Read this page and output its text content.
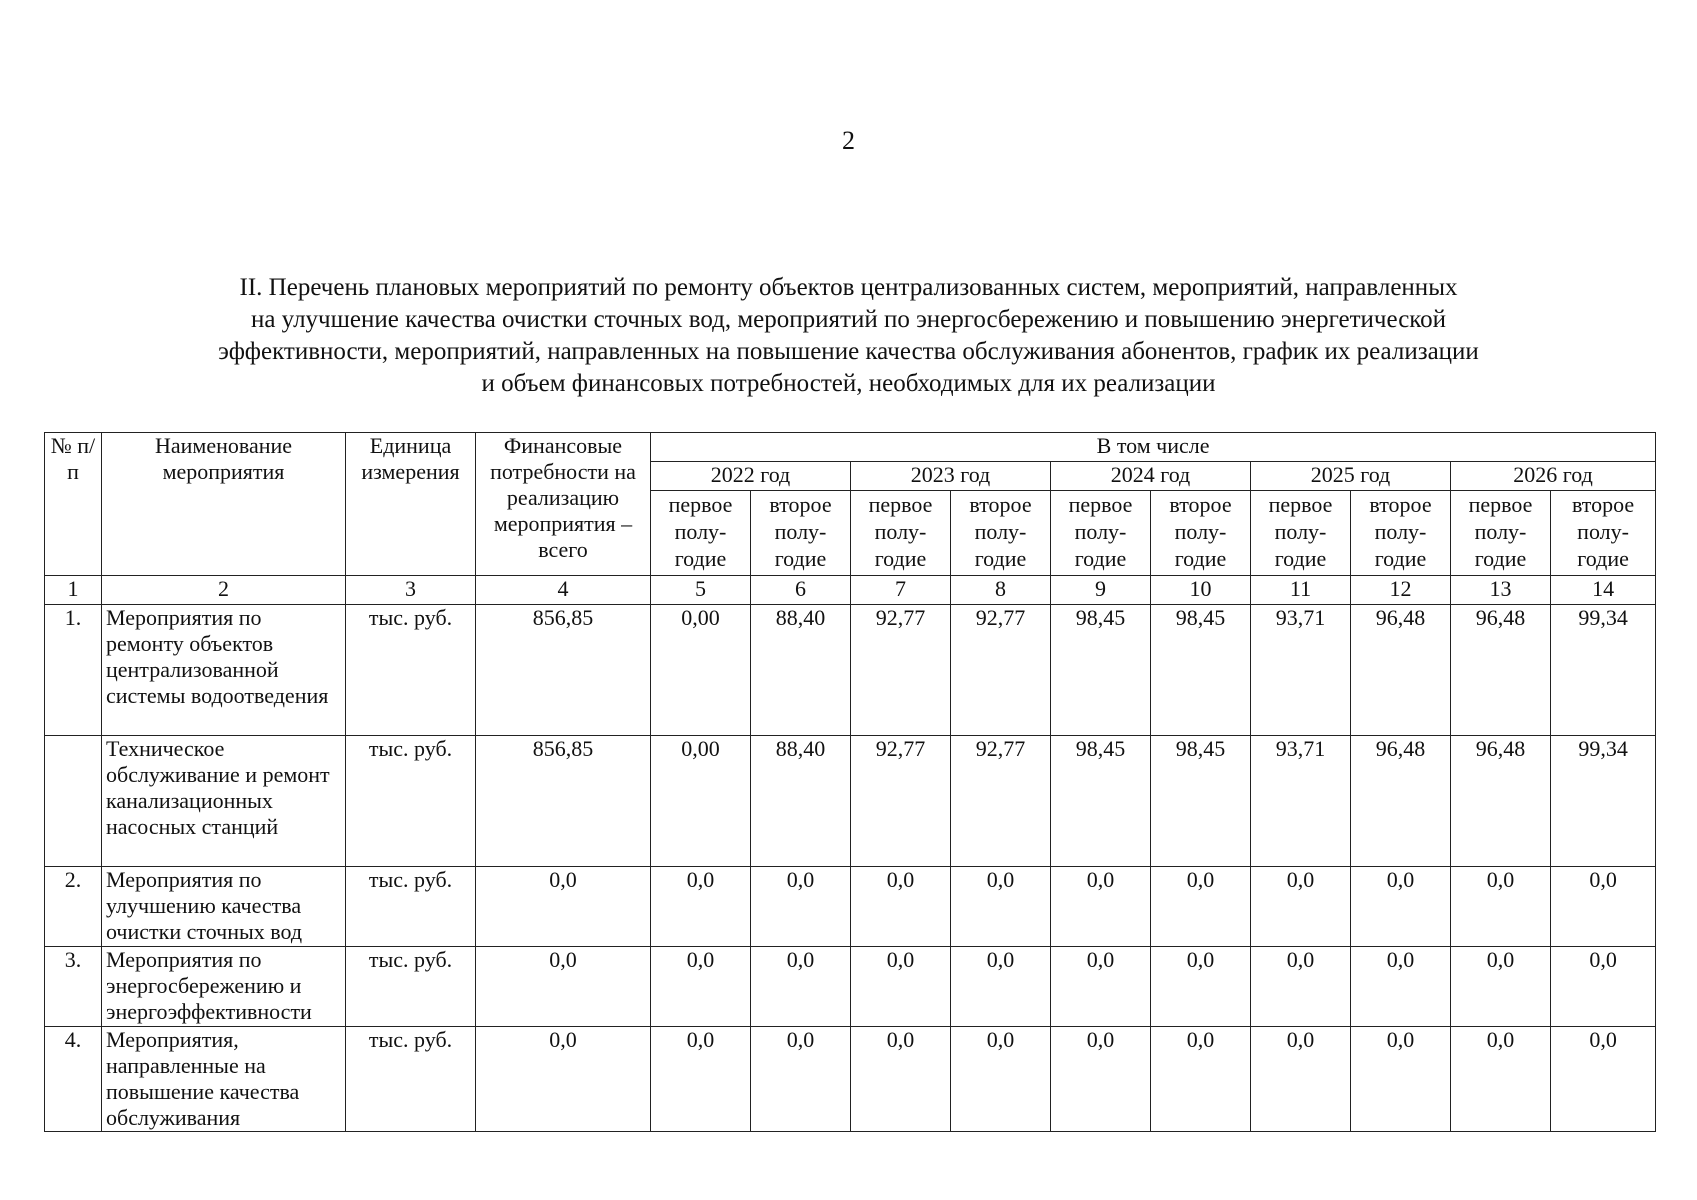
2
II. Перечень плановых мероприятий по ремонту объектов централизованных систем, мероприятий, направленных
на улучшение качества очистки сточных вод, мероприятий по энергосбережению и повышению энергетической
эффективности, мероприятий, направленных на повышение качества обслуживания абонентов, график их реализации
и объем финансовых потребностей, необходимых для их реализации
№ п/п	Наименование мероприятия	Единица измерения	Финансовые потребности на реализацию мероприятия – всего	В том числе									
				2022 год		2023 год		2024 год		2025 год		2026 год	
				первое полу-годие	второе полу-годие	первое полу-годие	второе полу-годие	первое полу-годие	второе полу-годие	первое полу-годие	второе полу-годие	первое полу-годие	второе полу-годие
1	2	3	4	5	6	7	8	9	10	11	12	13	14
1.	Мероприятия по ремонту объектов централизованной системы водоотведения	тыс. руб.	856,85	0,00	88,40	92,77	92,77	98,45	98,45	93,71	96,48	96,48	99,34
	Техническое обслуживание и ремонт канализационных насосных станций	тыс. руб.	856,85	0,00	88,40	92,77	92,77	98,45	98,45	93,71	96,48	96,48	99,34
2.	Мероприятия по улучшению качества очистки сточных вод	тыс. руб.	0,0	0,0	0,0	0,0	0,0	0,0	0,0	0,0	0,0	0,0	0,0
3.	Мероприятия по энергосбережению и энергоэффективности	тыс. руб.	0,0	0,0	0,0	0,0	0,0	0,0	0,0	0,0	0,0	0,0	0,0
4.	Мероприятия, направленные на повышение качества обслуживания	тыс. руб.	0,0	0,0	0,0	0,0	0,0	0,0	0,0	0,0	0,0	0,0	0,0
